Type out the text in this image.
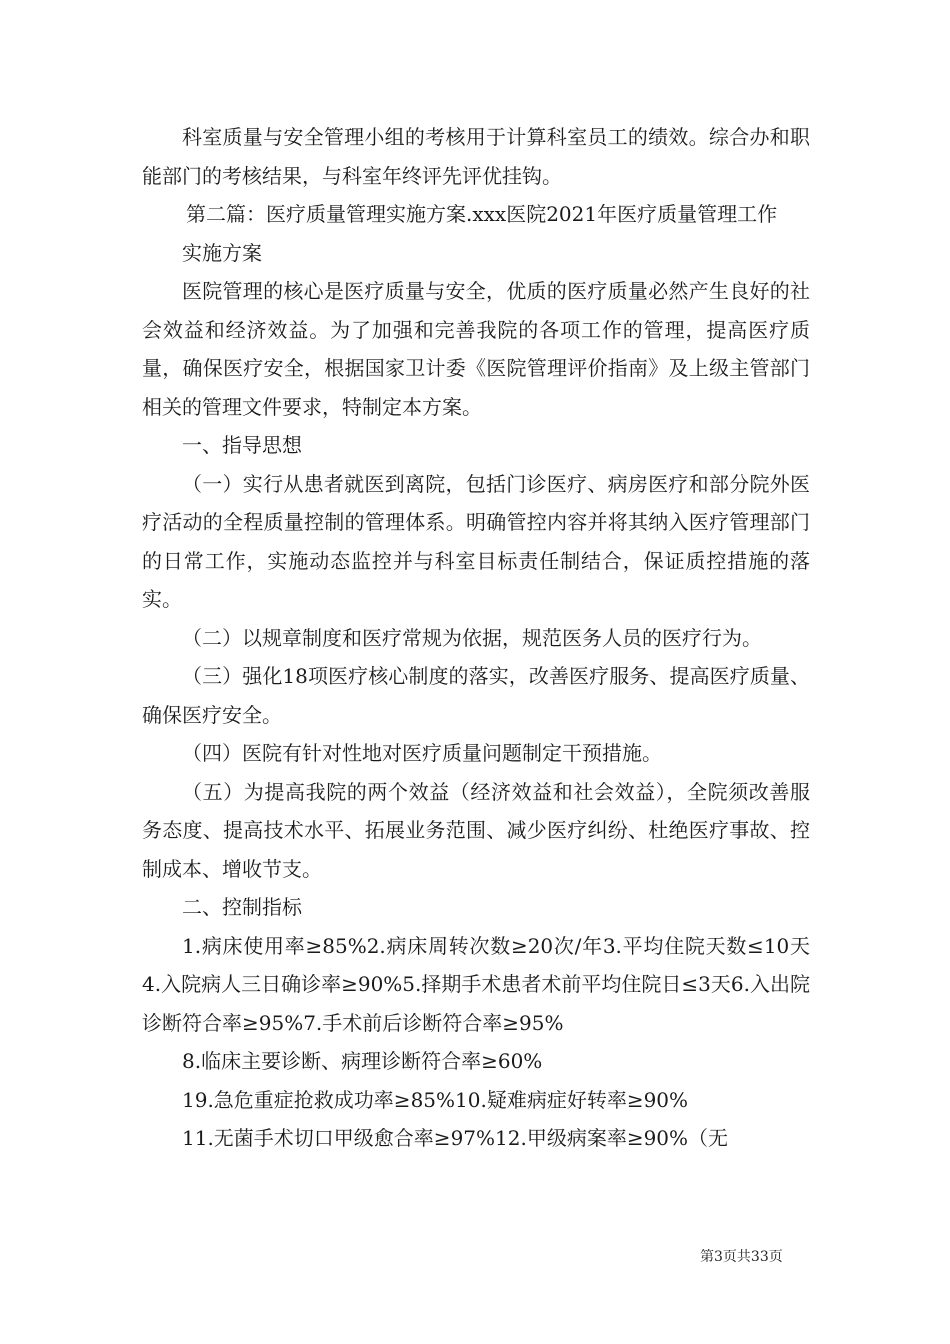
科室质量与安全管理小组的考核用于计算科室员工的绩效。综合办和职能部门的考核结果，与科室年终评先评优挂钩。

第二篇：医疗质量管理实施方案.xxx医院2021年医疗质量管理工作

实施方案

医院管理的核心是医疗质量与安全，优质的医疗质量必然产生良好的社会效益和经济效益。为了加强和完善我院的各项工作的管理，提高医疗质量，确保医疗安全，根据国家卫计委《医院管理评价指南》及上级主管部门相关的管理文件要求，特制定本方案。

一、指导思想

（一）实行从患者就医到离院，包括门诊医疗、病房医疗和部分院外医疗活动的全程质量控制的管理体系。明确管控内容并将其纳入医疗管理部门的日常工作，实施动态监控并与科室目标责任制结合，保证质控措施的落实。

（二）以规章制度和医疗常规为依据，规范医务人员的医疗行为。

（三）强化18项医疗核心制度的落实，改善医疗服务、提高医疗质量、确保医疗安全。

（四）医院有针对性地对医疗质量问题制定干预措施。

（五）为提高我院的两个效益（经济效益和社会效益），全院须改善服务态度、提高技术水平、拓展业务范围、减少医疗纠纷、杜绝医疗事故、控制成本、增收节支。

二、控制指标

1.病床使用率≥85%2.病床周转次数≥20次/年3.平均住院天数≤10天4.入院病人三日确诊率≥90%5.择期手术患者术前平均住院日≤3天6.入出院诊断符合率≥95%7.手术前后诊断符合率≥95%

8.临床主要诊断、病理诊断符合率≥60%

19.急危重症抢救成功率≥85%10.疑难病症好转率≥90%

11.无菌手术切口甲级愈合率≥97%12.甲级病案率≥90%（无

第3页共33页
